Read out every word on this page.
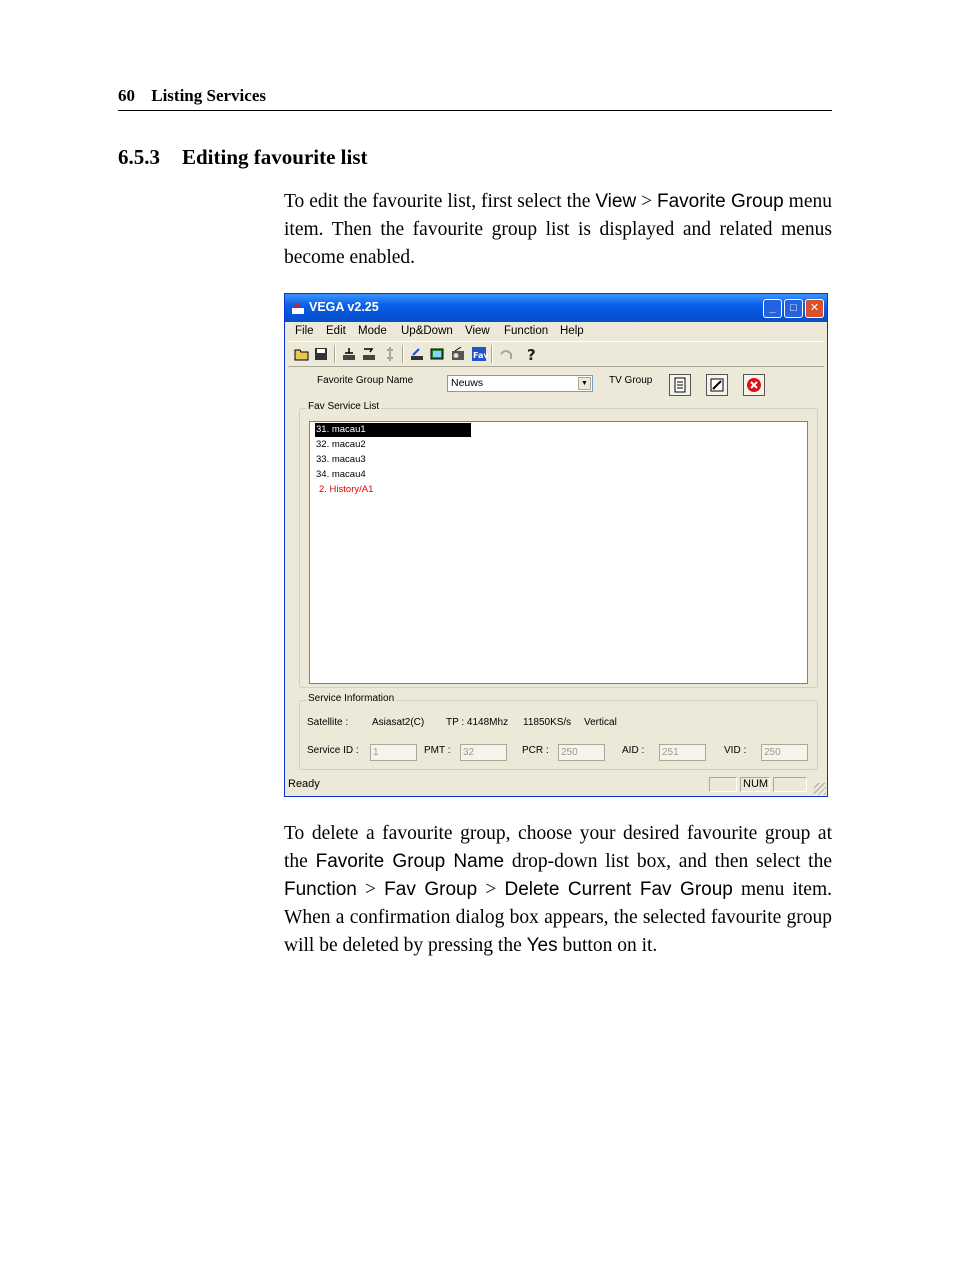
60 Listing Services
6.5.3 Editing favourite list
To edit the favourite list, first select the View > Favorite Group menu item. Then the favourite group list is displayed and related menus become enabled.
VEGA v2.25	_	□	✕
File Edit Mode Up&Down View Function Help
Fav	?
Favorite Group Name	Neuws	▼	TV Group
Fav Service List
31. macau1
32. macau2
33. macau3
34. macau4
2. History/A1
Service Information
Satellite : Asiasat2(C) TP : 4148Mhz 11850KS/s Vertical
Service ID :	1	PMT :	32	PCR :	250	AID :	251	VID :	250
Ready	NUM
To delete a favourite group, choose your desired favourite group at the Favorite Group Name drop-down list box, and then select the Function > Fav Group > Delete Current Fav Group menu item. When a confirmation dialog box appears, the selected favourite group will be deleted by pressing the Yes button on it.
